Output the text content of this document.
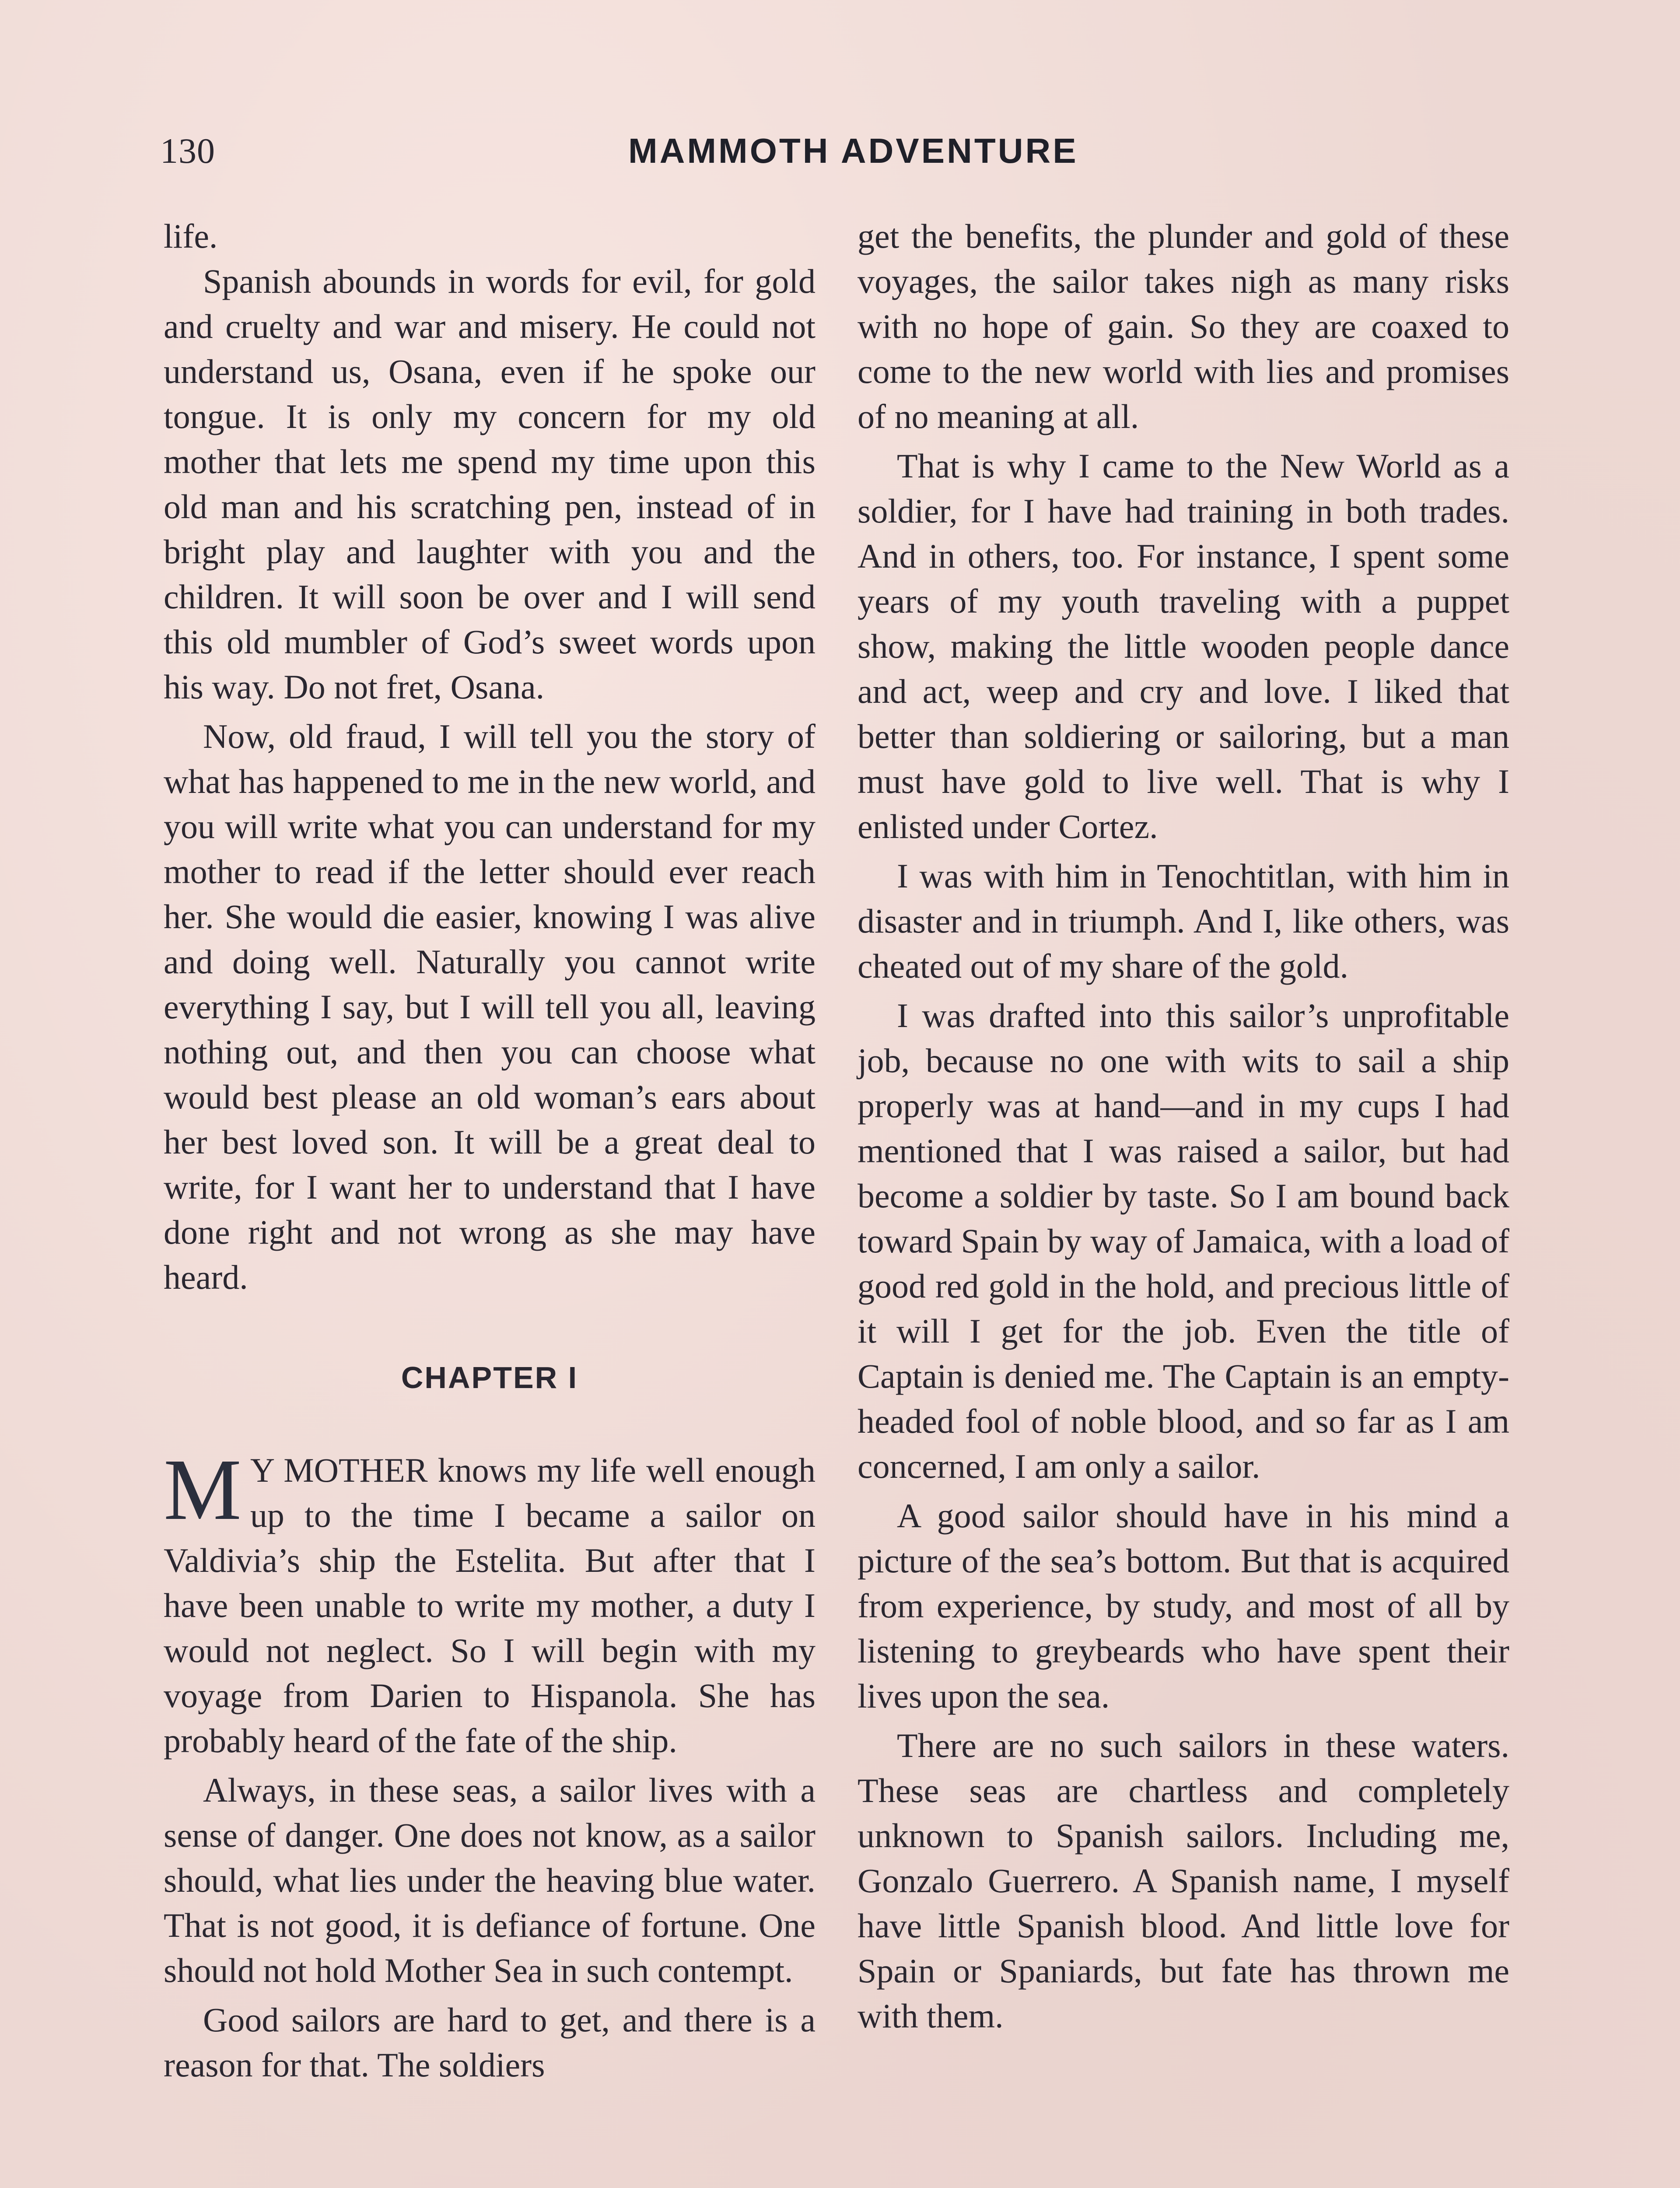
130	MAMMOTH ADVENTURE

life.

Spanish abounds in words for evil, for gold and cruelty and war and misery. He could not understand us, Osana, even if he spoke our tongue. It is only my concern for my old mother that lets me spend my time upon this old man and his scratching pen, instead of in bright play and laughter with you and the children. It will soon be over and I will send this old mumbler of God’s sweet words upon his way. Do not fret, Osana.

Now, old fraud, I will tell you the story of what has happened to me in the new world, and you will write what you can understand for my mother to read if the letter should ever reach her. She would die easier, knowing I was alive and doing well. Naturally you cannot write everything I say, but I will tell you all, leaving nothing out, and then you can choose what would best please an old woman’s ears about her best loved son. It will be a great deal to write, for I want her to understand that I have done right and not wrong as she may have heard.

CHAPTER I

M Y MOTHER knows my life well enough up to the time I became a sailor on Valdivia’s ship the Estelita. But after that I have been unable to write my mother, a duty I would not neglect. So I will begin with my voyage from Darien to Hispanola. She has probably heard of the fate of the ship.

Always, in these seas, a sailor lives with a sense of danger. One does not know, as a sailor should, what lies under the heaving blue water. That is not good, it is defiance of fortune. One should not hold Mother Sea in such contempt.

Good sailors are hard to get, and there is a reason for that. The soldiers

get the benefits, the plunder and gold of these voyages, the sailor takes nigh as many risks with no hope of gain. So they are coaxed to come to the new world with lies and promises of no meaning at all.

That is why I came to the New World as a soldier, for I have had training in both trades. And in others, too. For instance, I spent some years of my youth traveling with a puppet show, making the little wooden people dance and act, weep and cry and love. I liked that better than soldiering or sailoring, but a man must have gold to live well. That is why I enlisted under Cortez.

I was with him in Tenochtitlan, with him in disaster and in triumph. And I, like others, was cheated out of my share of the gold.

I was drafted into this sailor’s unprofitable job, because no one with wits to sail a ship properly was at hand—and in my cups I had mentioned that I was raised a sailor, but had become a soldier by taste. So I am bound back toward Spain by way of Jamaica, with a load of good red gold in the hold, and precious little of it will I get for the job. Even the title of Captain is denied me. The Captain is an empty-headed fool of noble blood, and so far as I am concerned, I am only a sailor.

A good sailor should have in his mind a picture of the sea’s bottom. But that is acquired from experience, by study, and most of all by listening to greybeards who have spent their lives upon the sea.

There are no such sailors in these waters. These seas are chartless and completely unknown to Spanish sailors. Including me, Gonzalo Guerrero. A Spanish name, I myself have little Spanish blood. And little love for Spain or Spaniards, but fate has thrown me with them.
